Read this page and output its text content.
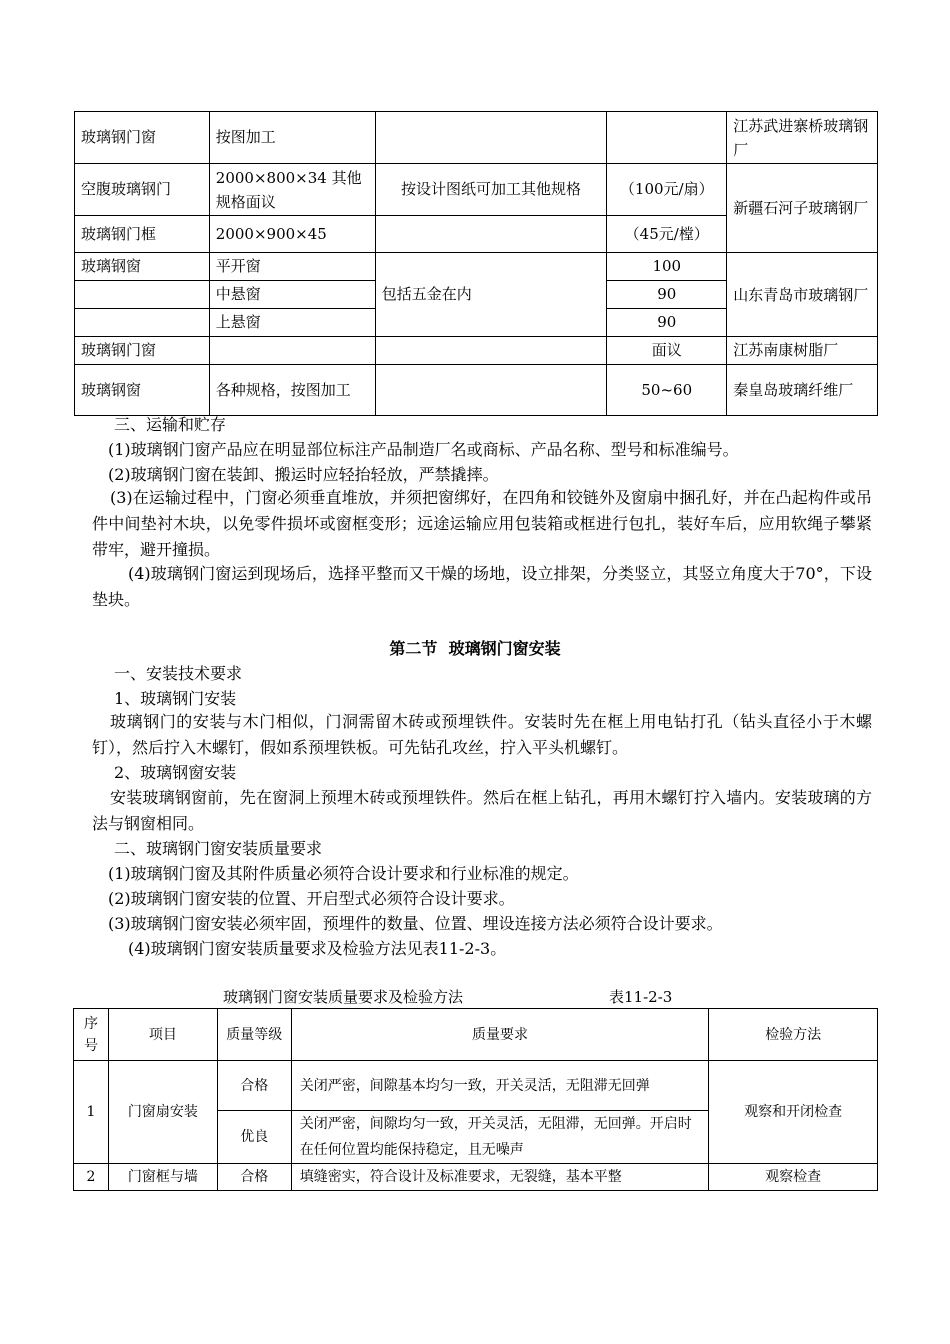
玻璃钢门窗	按图加工			江苏武进寨桥玻璃钢厂
空腹玻璃钢门	2000×800×34 其他规格面议	按设计图纸可加工其他规格	（100元/扇）	新疆石河子玻璃钢厂
玻璃钢门框	2000×900×45		（45元/樘）	
玻璃钢窗	平开窗	包括五金在内	100	山东青岛市玻璃钢厂
	中悬窗		90	
	上悬窗		90	
玻璃钢门窗			面议	江苏南康树脂厂
玻璃钢窗	各种规格，按图加工		50~60	秦皇岛玻璃纤维厂
三、运输和贮存
(1)玻璃钢门窗产品应在明显部位标注产品制造厂名或商标、产品名称、型号和标准编号。
(2)玻璃钢门窗在装卸、搬运时应轻抬轻放，严禁撬摔。
(3)在运输过程中，门窗必须垂直堆放，并须把窗绑好，在四角和铰链外及窗扇中捆孔好，并在凸起构件或吊件中间垫衬木块，以免零件损坏或窗框变形；远途运输应用包装箱或框进行包扎，装好车后，应用软绳子攀紧带牢，避开撞损。
(4)玻璃钢门窗运到现场后，选择平整而又干燥的场地，设立排架，分类竖立，其竖立角度大于70°，下设垫块。
第二节  玻璃钢门窗安装
一、安装技术要求
1、玻璃钢门安装
玻璃钢门的安装与木门相似，门洞需留木砖或预埋铁件。安装时先在框上用电钻打孔（钻头直径小于木螺钉），然后拧入木螺钉，假如系预埋铁板。可先钻孔攻丝，拧入平头机螺钉。
2、玻璃钢窗安装
安装玻璃钢窗前，先在窗洞上预埋木砖或预埋铁件。然后在框上钻孔，再用木螺钉拧入墙内。安装玻璃的方法与钢窗相同。
二、玻璃钢门窗安装质量要求
(1)玻璃钢门窗及其附件质量必须符合设计要求和行业标准的规定。
(2)玻璃钢门窗安装的位置、开启型式必须符合设计要求。
(3)玻璃钢门窗安装必须牢固，预埋件的数量、位置、埋设连接方法必须符合设计要求。
(4)玻璃钢门窗安装质量要求及检验方法见表11-2-3。
玻璃钢门窗安装质量要求及检验方法	表11-2-3
序号	项目	质量等级	质量要求	检验方法
1	门窗扇安装	合格	关闭严密，间隙基本均匀一致，开关灵活，无阻滞无回弹	观察和开闭检查
		优良	关闭严密，间隙均匀一致，开关灵活，无阻滞，无回弹。开启时在任何位置均能保持稳定，且无噪声	
2	门窗框与墙	合格	填缝密实，符合设计及标准要求，无裂缝，基本平整	观察检查
